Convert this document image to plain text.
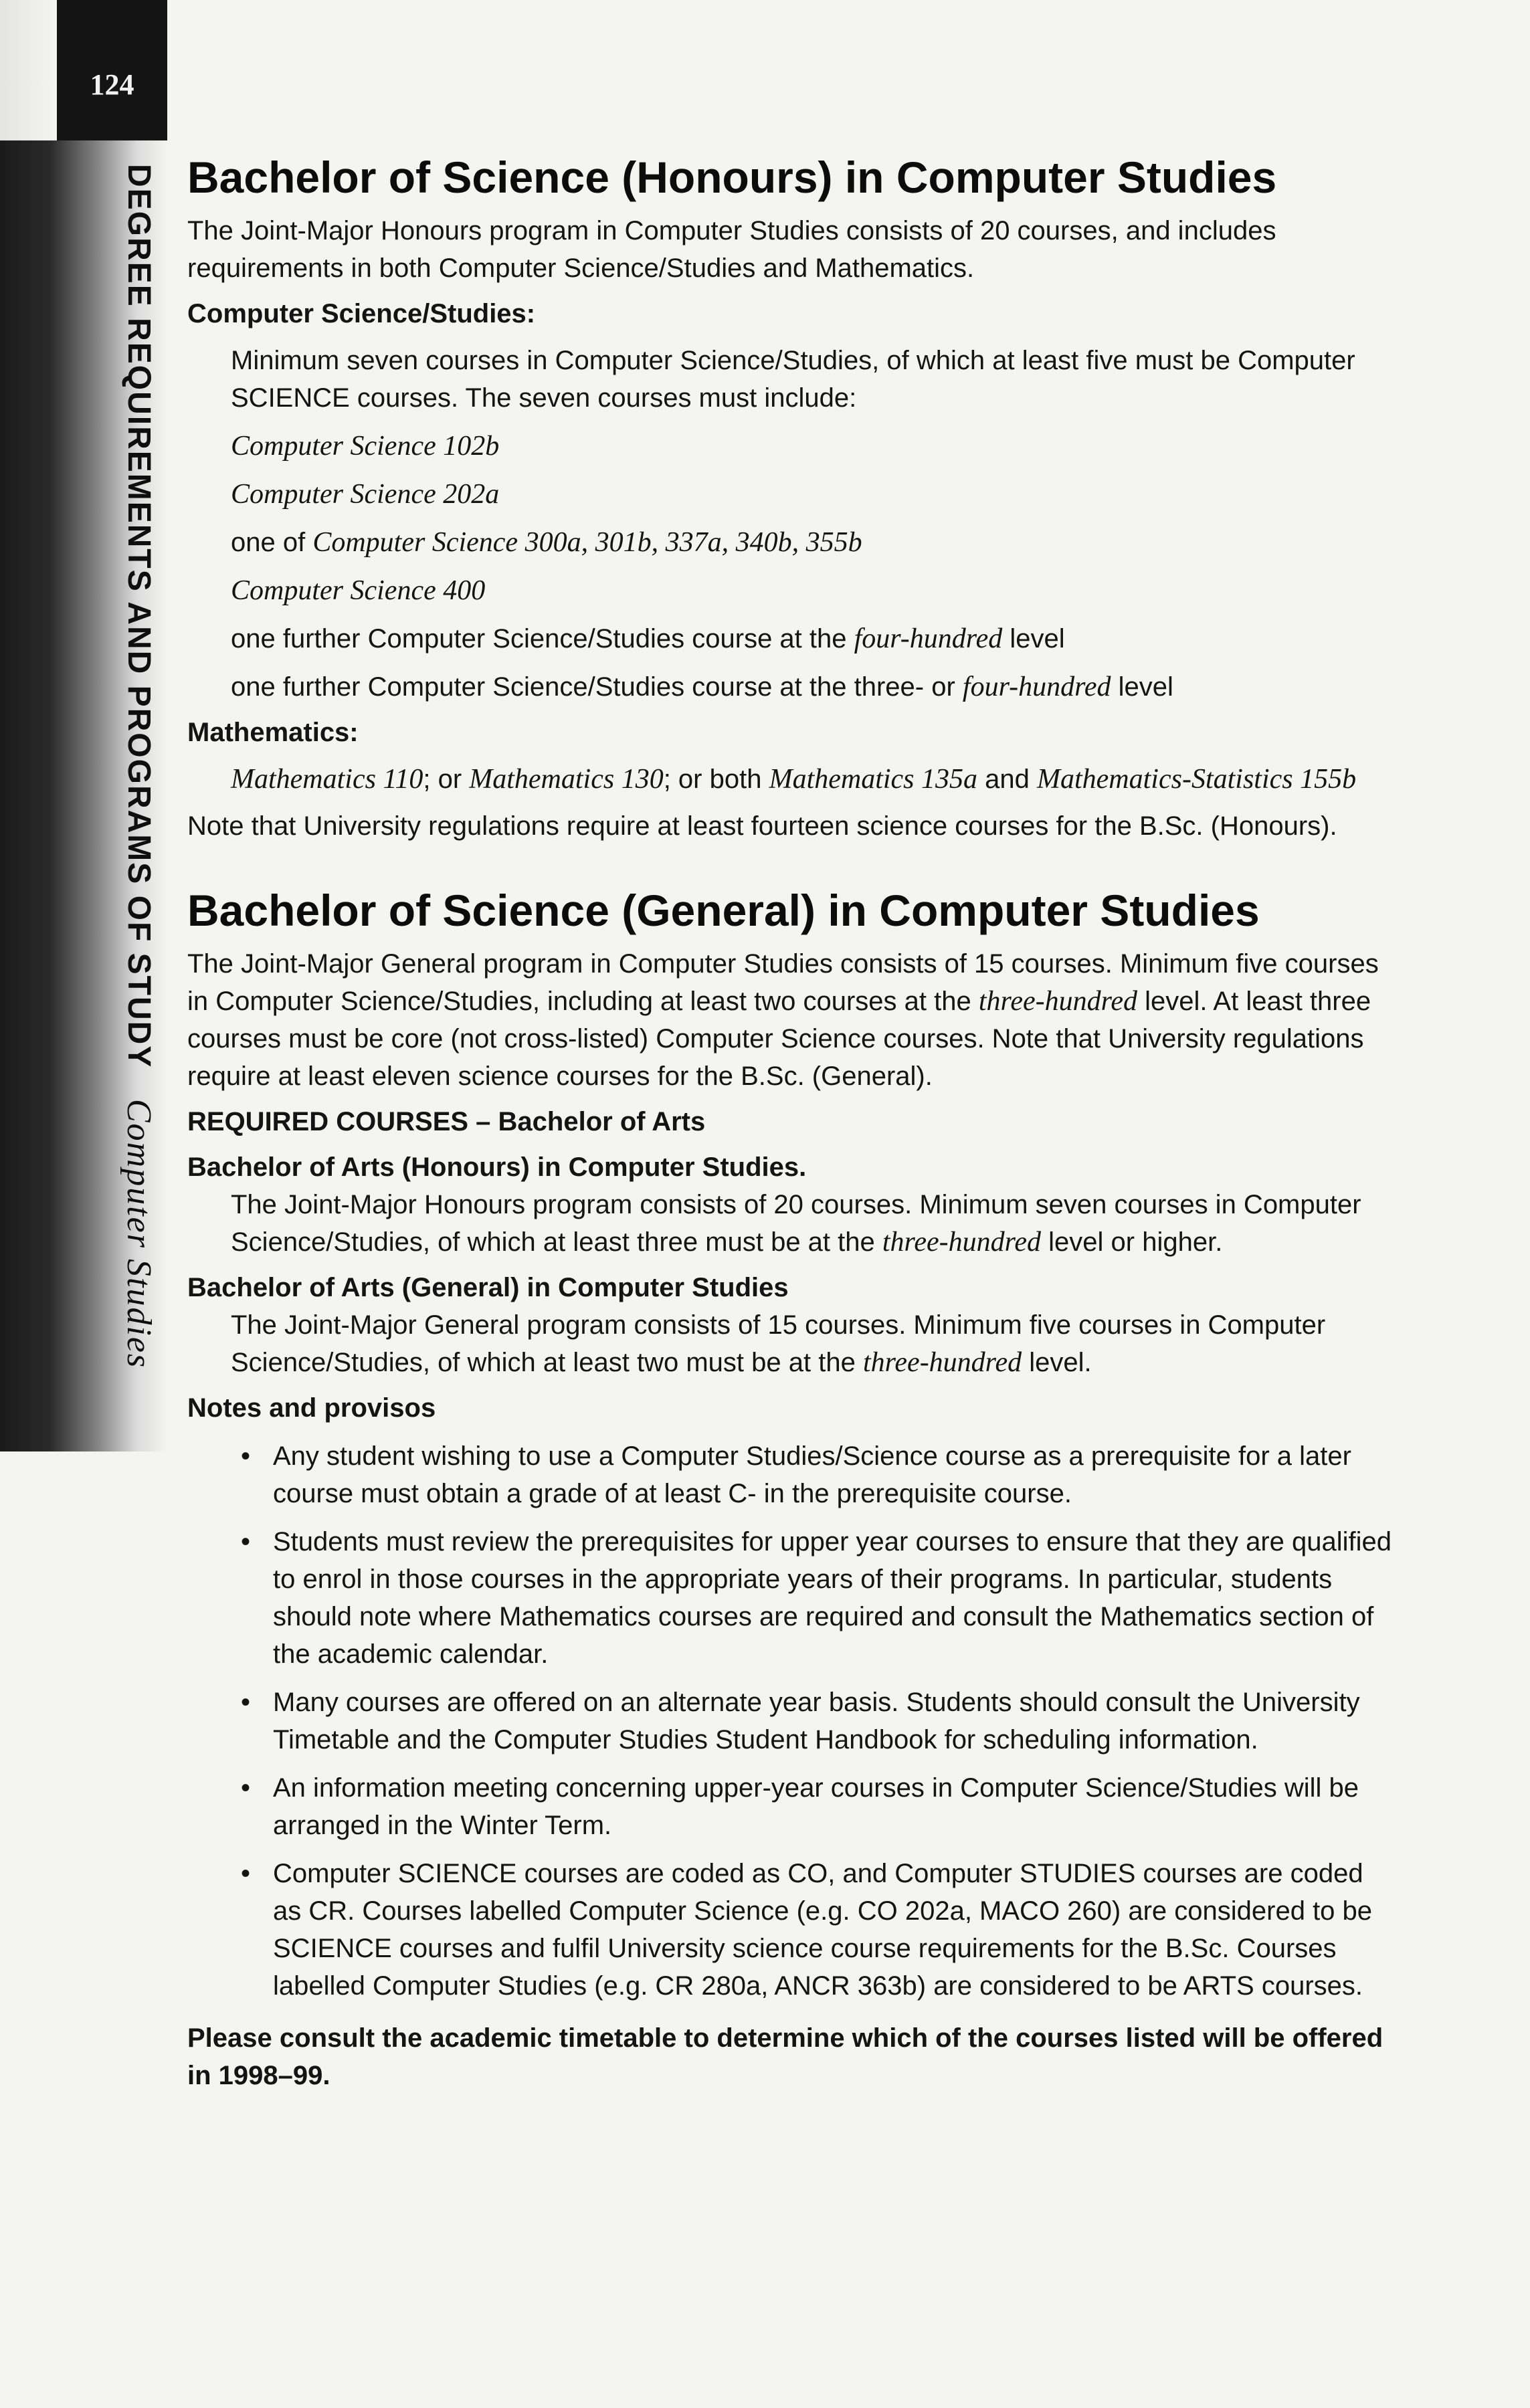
124
DEGREE REQUIREMENTS AND PROGRAMS OF STUDY Computer Studies
Bachelor of Science (Honours) in Computer Studies

The Joint-Major Honours program in Computer Studies consists of 20 courses, and includes requirements in both Computer Science/Studies and Mathematics.

Computer Science/Studies:

Minimum seven courses in Computer Science/Studies, of which at least five must be Computer SCIENCE courses. The seven courses must include:

Computer Science 102b

Computer Science 202a

one of Computer Science 300a, 301b, 337a, 340b, 355b

Computer Science 400

one further Computer Science/Studies course at the four-hundred level

one further Computer Science/Studies course at the three- or four-hundred level

Mathematics:

Mathematics 110; or Mathematics 130; or both Mathematics 135a and Mathematics-Statistics 155b

Note that University regulations require at least fourteen science courses for the B.Sc. (Honours).

Bachelor of Science (General) in Computer Studies

The Joint-Major General program in Computer Studies consists of 15 courses. Minimum five courses in Computer Science/Studies, including at least two courses at the three-hundred level. At least three courses must be core (not cross-listed) Computer Science courses. Note that University regulations require at least eleven science courses for the B.Sc. (General).

REQUIRED COURSES – Bachelor of Arts

Bachelor of Arts (Honours) in Computer Studies.

The Joint-Major Honours program consists of 20 courses. Minimum seven courses in Computer Science/Studies, of which at least three must be at the three-hundred level or higher.

Bachelor of Arts (General) in Computer Studies

The Joint-Major General program consists of 15 courses. Minimum five courses in Computer Science/Studies, of which at least two must be at the three-hundred level.

Notes and provisos

• Any student wishing to use a Computer Studies/Science course as a prerequisite for a later course must obtain a grade of at least C- in the prerequisite course.
• Students must review the prerequisites for upper year courses to ensure that they are qualified to enrol in those courses in the appropriate years of their programs. In particular, students should note where Mathematics courses are required and consult the Mathematics section of the academic calendar.
• Many courses are offered on an alternate year basis. Students should consult the University Timetable and the Computer Studies Student Handbook for scheduling information.
• An information meeting concerning upper-year courses in Computer Science/Studies will be arranged in the Winter Term.
• Computer SCIENCE courses are coded as CO, and Computer STUDIES courses are coded as CR. Courses labelled Computer Science (e.g. CO 202a, MACO 260) are considered to be SCIENCE courses and fulfil University science course requirements for the B.Sc. Courses labelled Computer Studies (e.g. CR 280a, ANCR 363b) are considered to be ARTS courses.

Please consult the academic timetable to determine which of the courses listed will be offered in 1998–99.
